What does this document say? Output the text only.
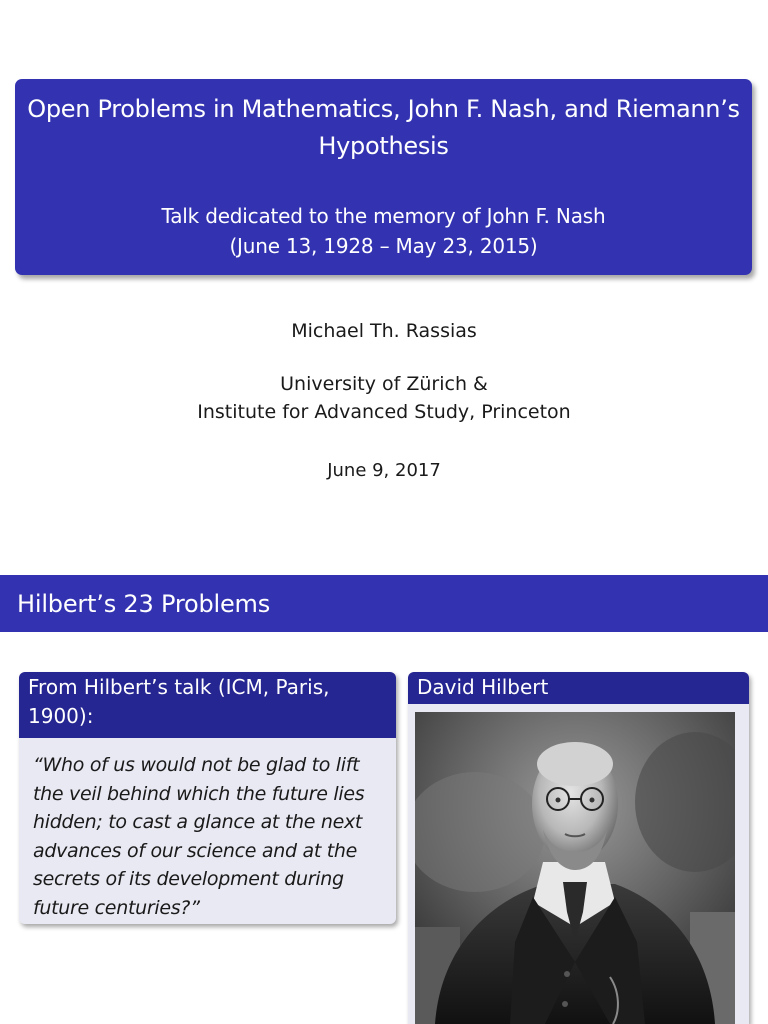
Open Problems in Mathematics, John F. Nash, and Riemann’s Hypothesis
Talk dedicated to the memory of John F. Nash
(June 13, 1928 – May 23, 2015)
Michael Th. Rassias
University of Zürich &
Institute for Advanced Study, Princeton
June 9, 2017
Hilbert’s 23 Problems
From Hilbert’s talk (ICM, Paris, 1900):
“Who of us would not be glad to lift the veil behind which the future lies hidden; to cast a glance at the next advances of our science and at the secrets of its development during future centuries?”
David Hilbert
